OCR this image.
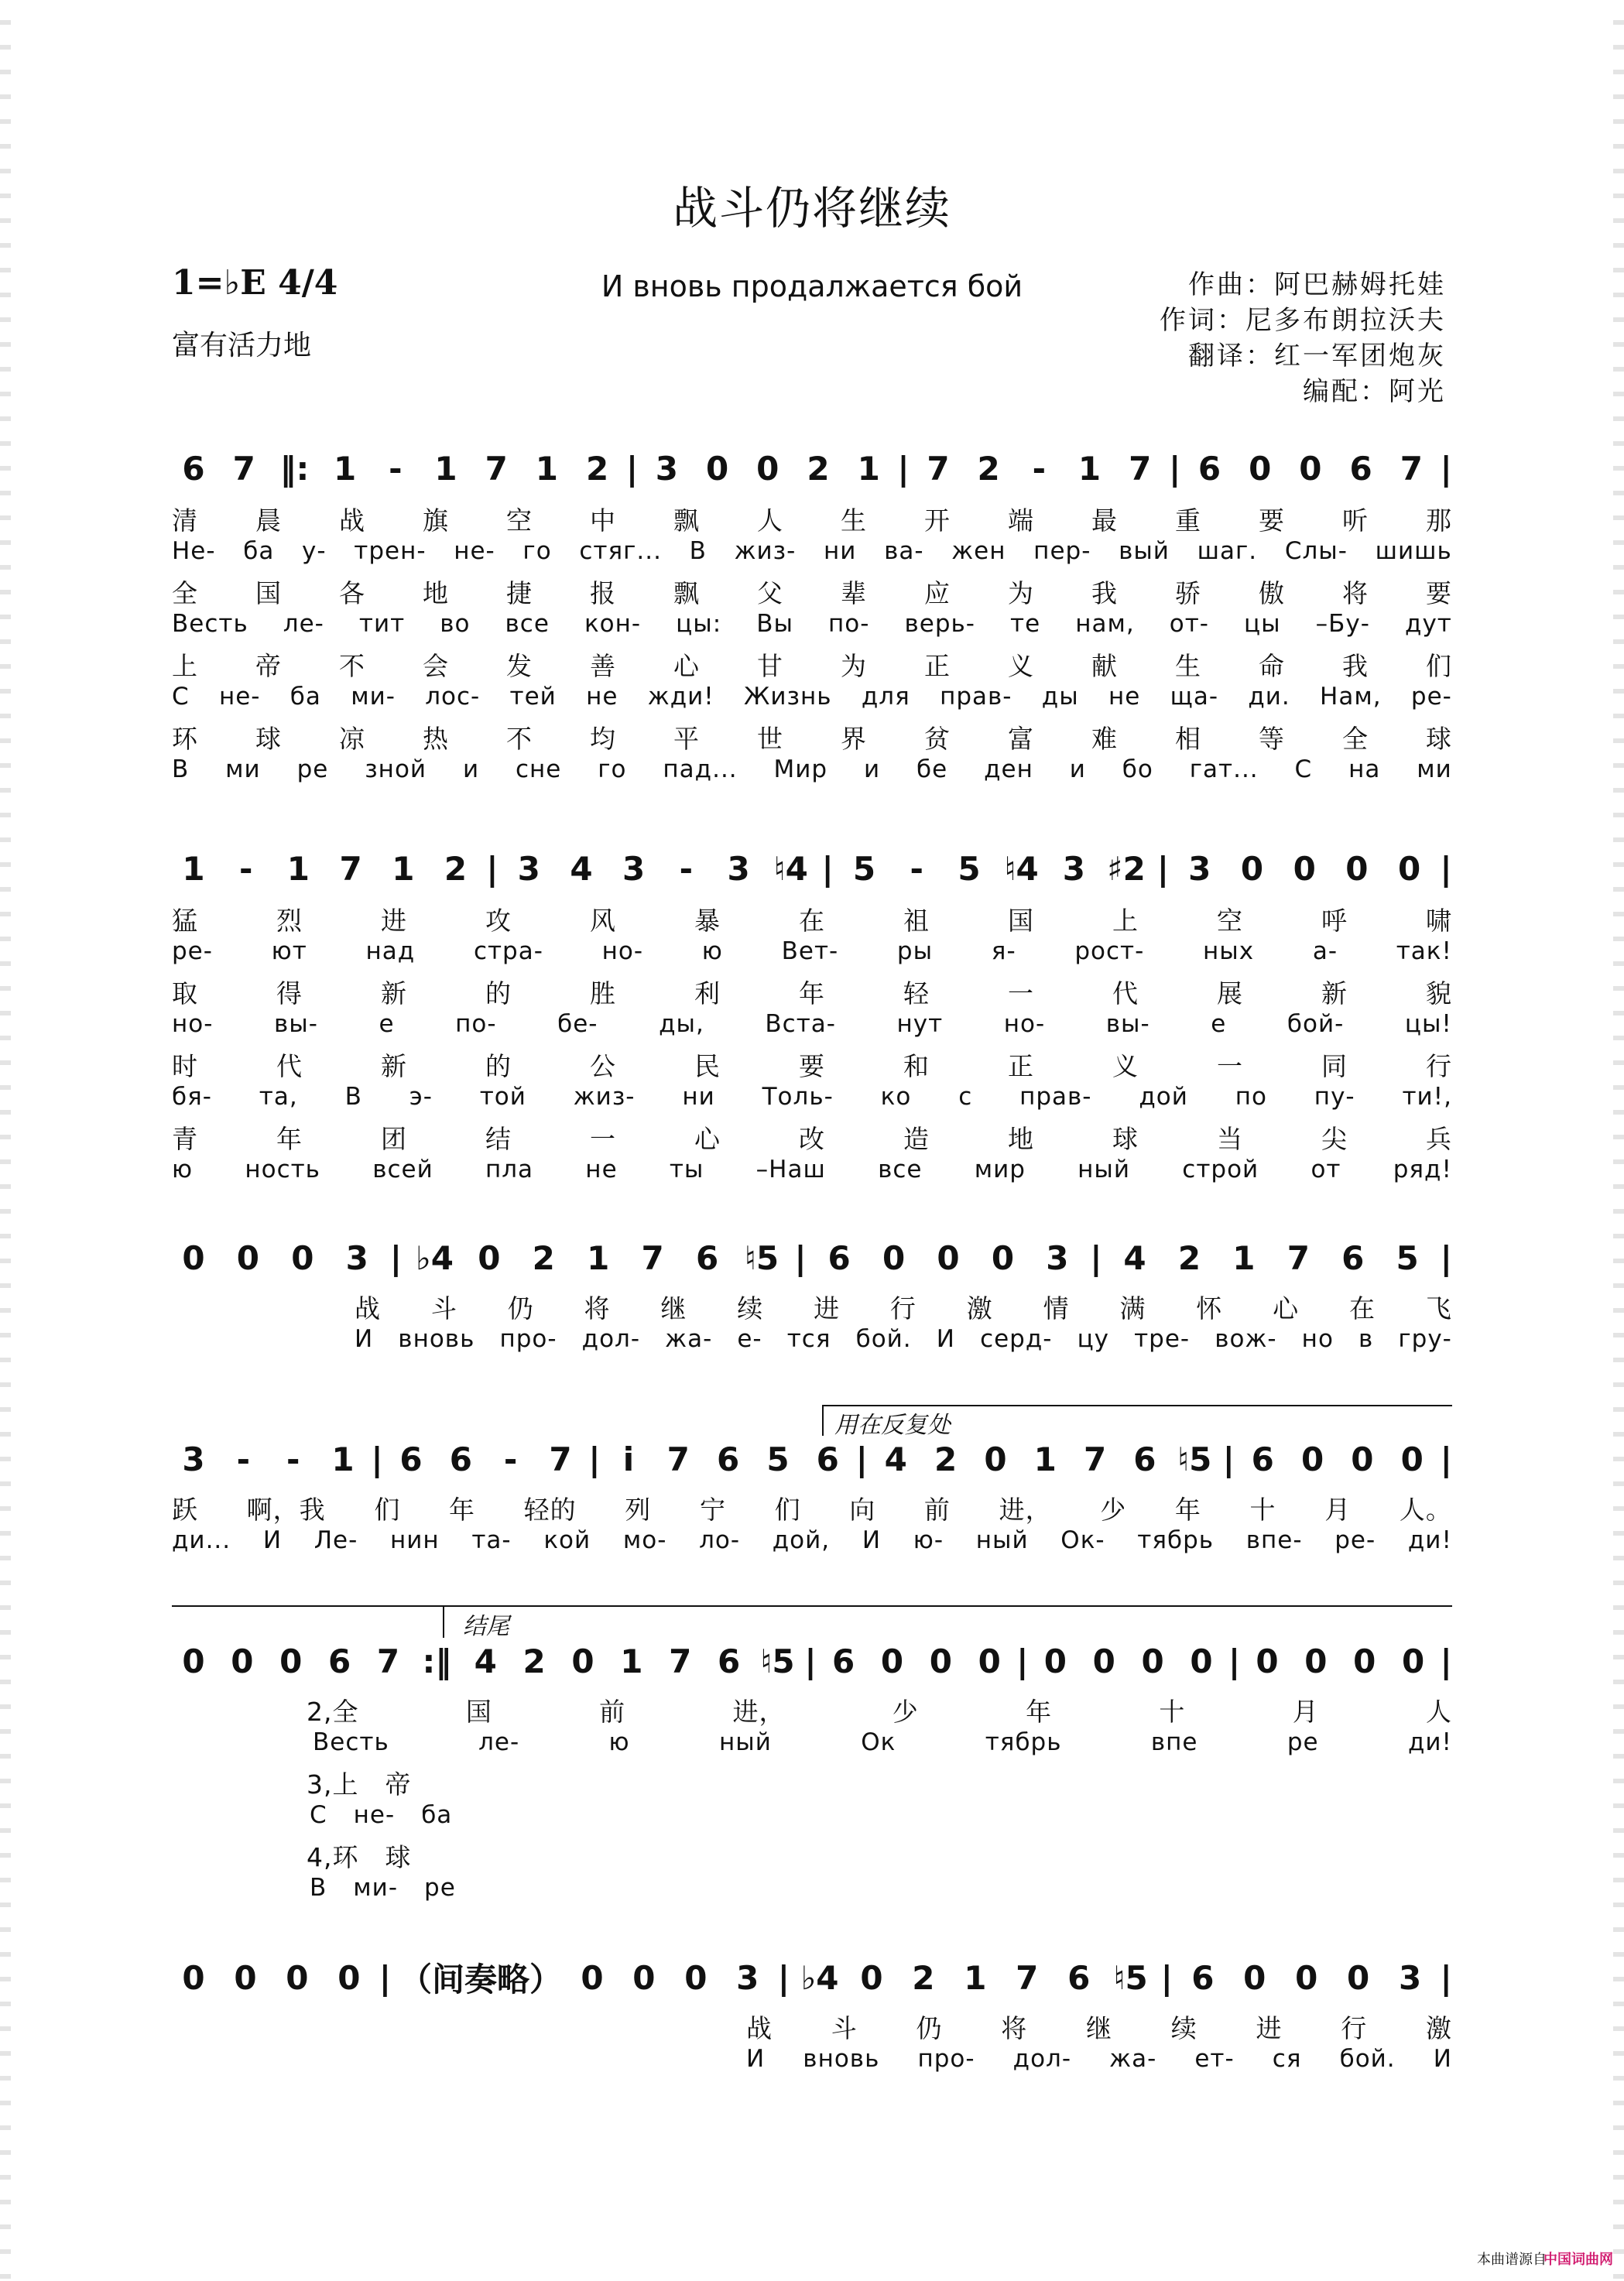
战斗仍将继续
1=♭E 4/4
富有活力地
И вновь продалжается бой	作曲：阿巴赫姆托娃
作词：尼多布朗拉沃夫
翻译：红一军团炮灰
编配：阿光
6 7 ‖: 1 - 1 7 1 2 | 3 0 0 2 1 | 7 2 - 1 7 | 6 0 0 6 7 |
清 晨 战 旗 空 中 飘 人 生 开 端 最 重 要 听 那
Не- ба у- трен- не- го стяг... В жиз- ни ва- жен пер- вый шаг. Слы- шишь
全 国 各 地 捷 报 飘 父 辈 应 为 我 骄 傲 将 要
Весть ле- тит во все кон- цы: Вы по- верь- те нам, от- цы –Бу- дут
上 帝 不 会 发 善 心 甘 为 正 义 献 生 命 我 们
С не- ба ми- лос- тей не жди! Жизнь для прав- ды не ща- ди. Нам, ре-
环 球 凉 热 不 均 平 世 界 贫 富 难 相 等 全 球
В ми ре зной и сне го пад... Мир и бе ден и бо гат... С на ми
1	-	1 7 1 2 | 3 4 3	-	3 ♮4 | 5	-	5 ♮4 3 ♯2 | 3 0 0 0 0 |
猛	烈	进	攻	风	暴	在	祖	国	上	空	呼	啸
ре- ют над стра- но- ю Вет- ры я- рост- ных а- так!
取	得	新	的	胜	利	年	轻	一	代	展	新	貌
но-	вы-	е	по-	бе-	ды,	Вста-	нут	но-	вы-	е	бой-	цы!
时	代	新	的	公	民	要	和	正	义	一	同	行
бя- та, В э- той жиз- ни Толь- ко с прав- дой по пу- ти!,
青	年	团	结	一	心	改	造	地	球	当	尖	兵
ю ность всей пла не ты –Наш все мир ный строй от ряд!
0 0 0 3 | ♭4 0 2 1 7 6 ♮5 | 6 0 0 0 3 | 4 2 1 7 6 5 |
战 斗 仍 将 继 续 进 行 激 情 满 怀 心 在 飞
И вновь про- дол- жа- е- тся бой. И серд- цу тре- вож- но в гру-
用在反复处
3 -	- 1 | 6 6 - 7 | i	7 6 5 6 | 4 2 0 1 7 6 ♮5 | 6 0 0 0 |
跃 啊，我 们 年 轻的 列 宁 们 向 前 进， 少 年 十 月 人。
ди... И Ле- нин та- кой мо- ло- дой, И ю- ный Ок- тябрь впе- ре- ди!
结尾
0 0 0 6 7 :‖ 4 2 0 1 7 6 ♮5 | 6 0 0 0 | 0 0 0 0 | 0 0 0 0 |
2,全	国	前	进，	少	年	十	月	人
Весть	ле-	ю	ный	Ок	тябрь	впе	ре	ди!
3,上 帝
С не- ба
4,环 球
В ми- ре
0 0 0 0 | （间奏略） 0 0 0 3 | ♭4 0 2 1 7 6 ♮5 | 6 0 0 0 3 |
战 斗 仍 将 继 续 进 行 激
И вновь про- дол- жа- ет- ся бой. И
本曲谱源自
中国词曲网
